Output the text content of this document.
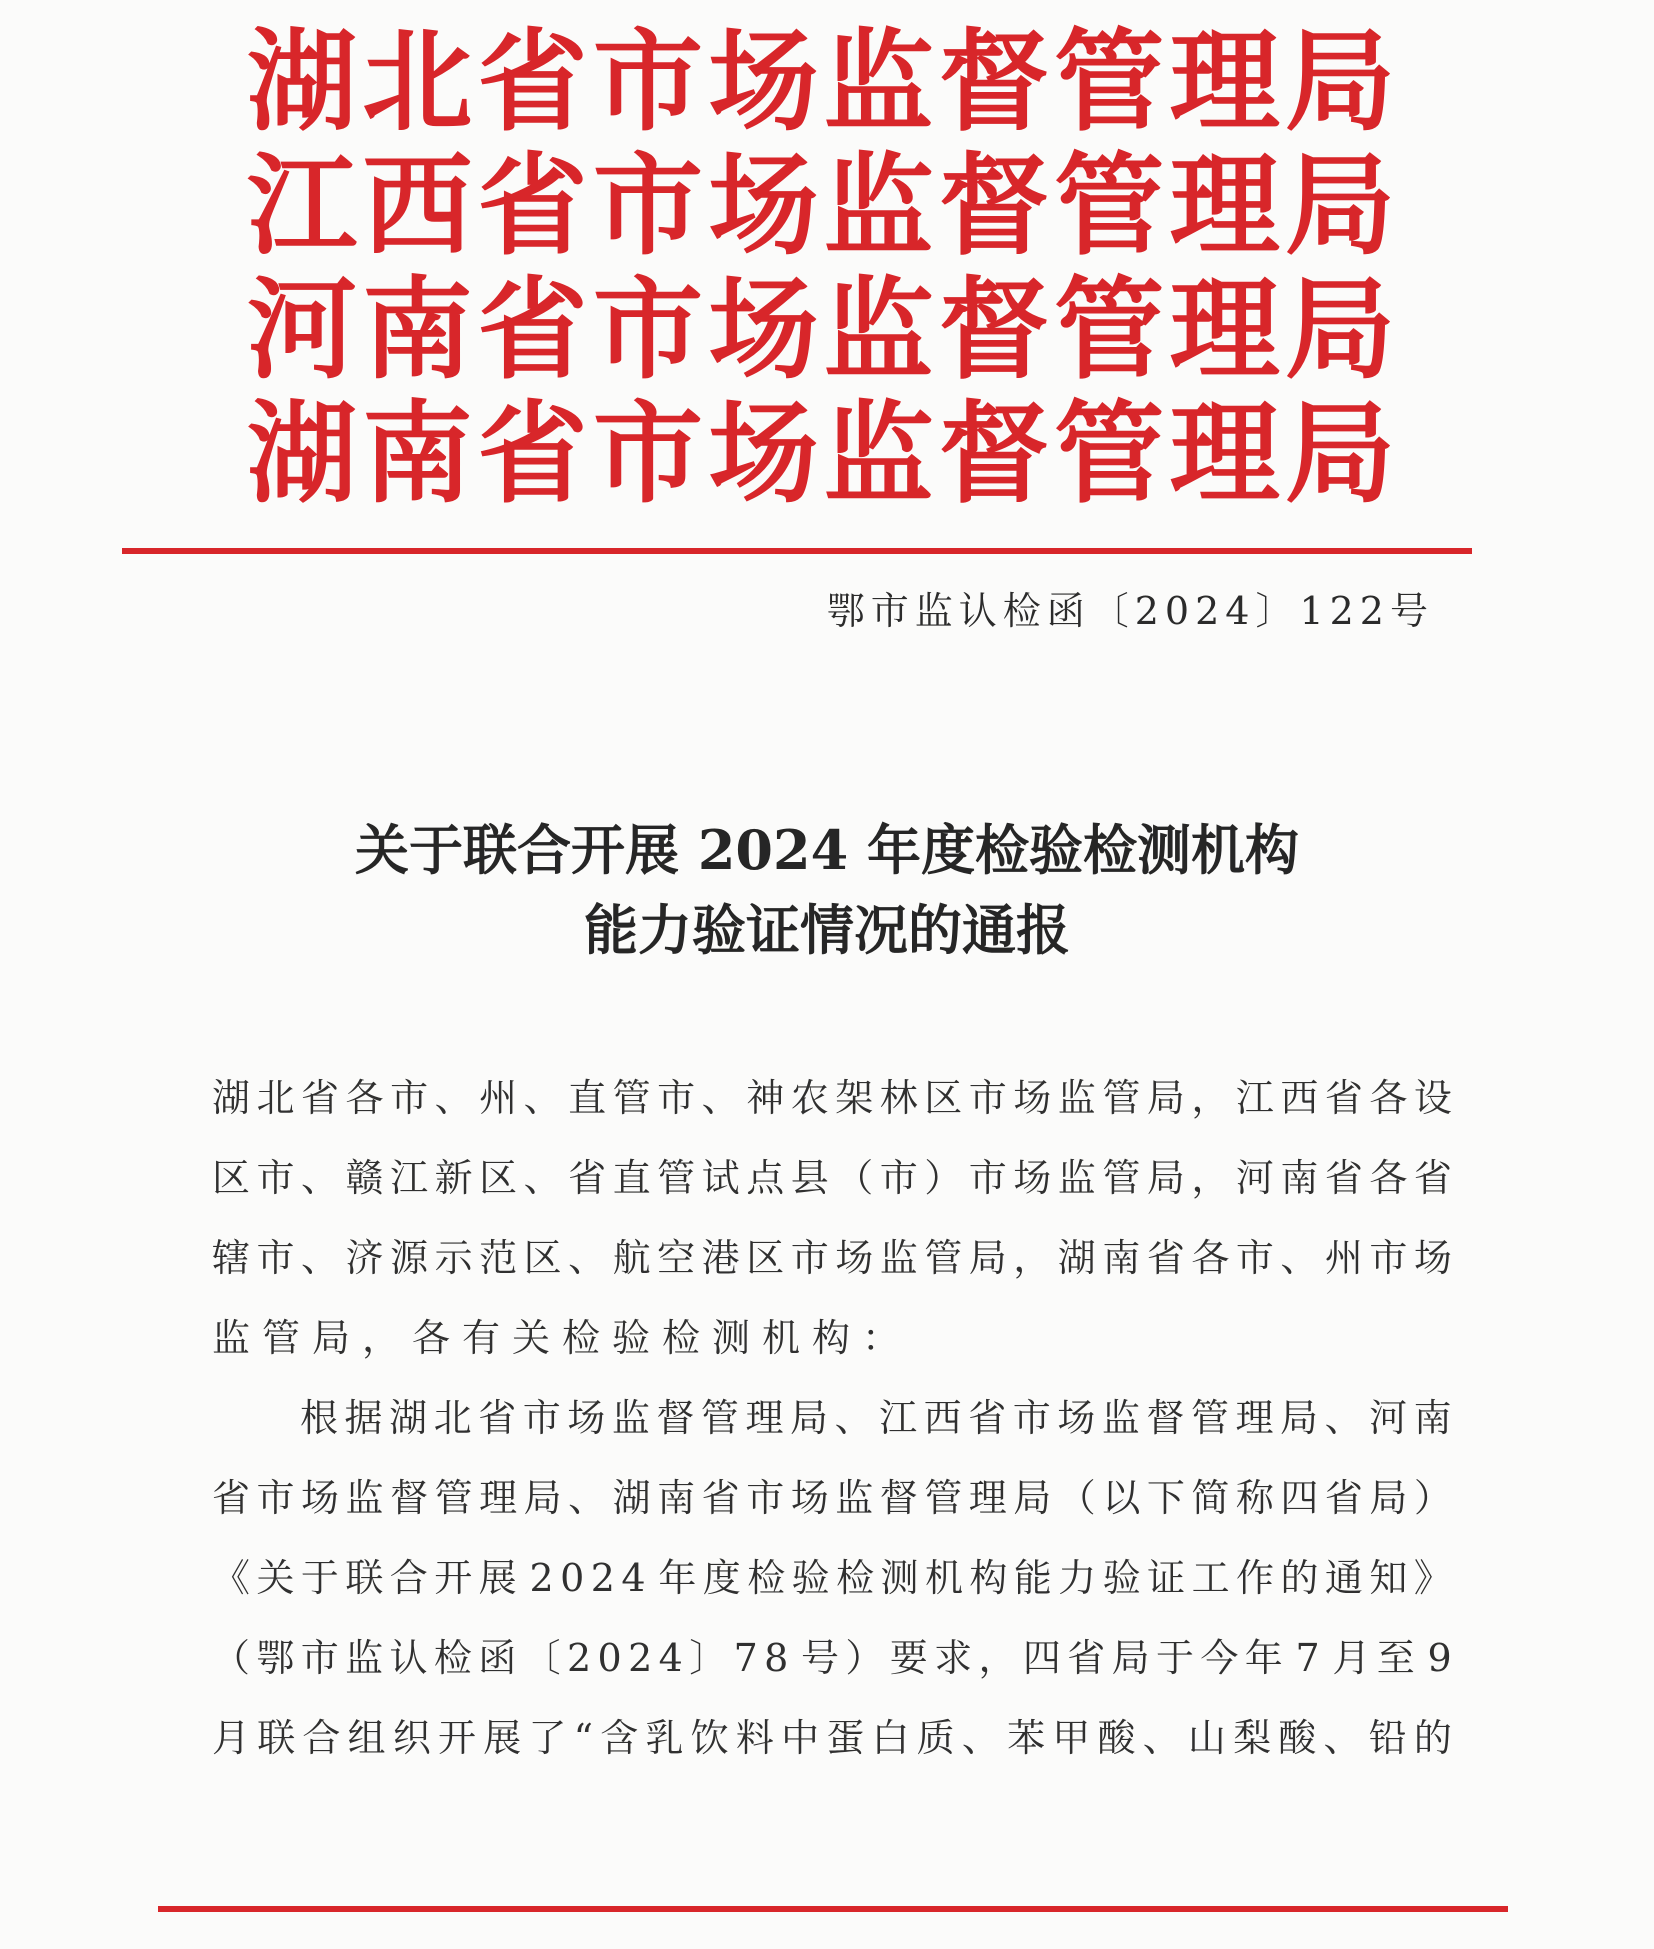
湖 北 省 市 场 监 督 管 理 局
江 西 省 市 场 监 督 管 理 局
河 南 省 市 场 监 督 管 理 局
湖 南 省 市 场 监 督 管 理 局
鄂市监认检函〔2024〕122号
关于联合开展 2024 年度检验检测机构
能力验证情况的通报
湖 北 省 各 市 、 州 、 直 管 市 、 神 农 架 林 区 市 场 监 管 局 ， 江 西 省 各 设
区 市 、 赣 江 新 区 、 省 直 管 试 点 县 （ 市 ） 市 场 监 管 局 ， 河 南 省 各 省
辖 市 、 济 源 示 范 区 、 航 空 港 区 市 场 监 管 局 ， 湖 南 省 各 市 、 州 市 场
监管局，各有关检验检测机构：
根 据 湖 北 省 市 场 监 督 管 理 局 、 江 西 省 市 场 监 督 管 理 局 、 河 南
省 市 场 监 督 管 理 局 、 湖 南 省 市 场 监 督 管 理 局 （ 以 下 简 称 四 省 局 ）
《 关 于 联 合 开 展 2 0 2 4 年 度 检 验 检 测 机 构 能 力 验 证 工 作 的 通 知 》
（ 鄂 市 监 认 检 函 〔 2 0 2 4 〕 7 8 号 ） 要 求 ， 四 省 局 于 今 年 7 月 至 9
月 联 合 组 织 开 展 了 “ 含 乳 饮 料 中 蛋 白 质 、 苯 甲 酸 、 山 梨 酸 、 铅 的
